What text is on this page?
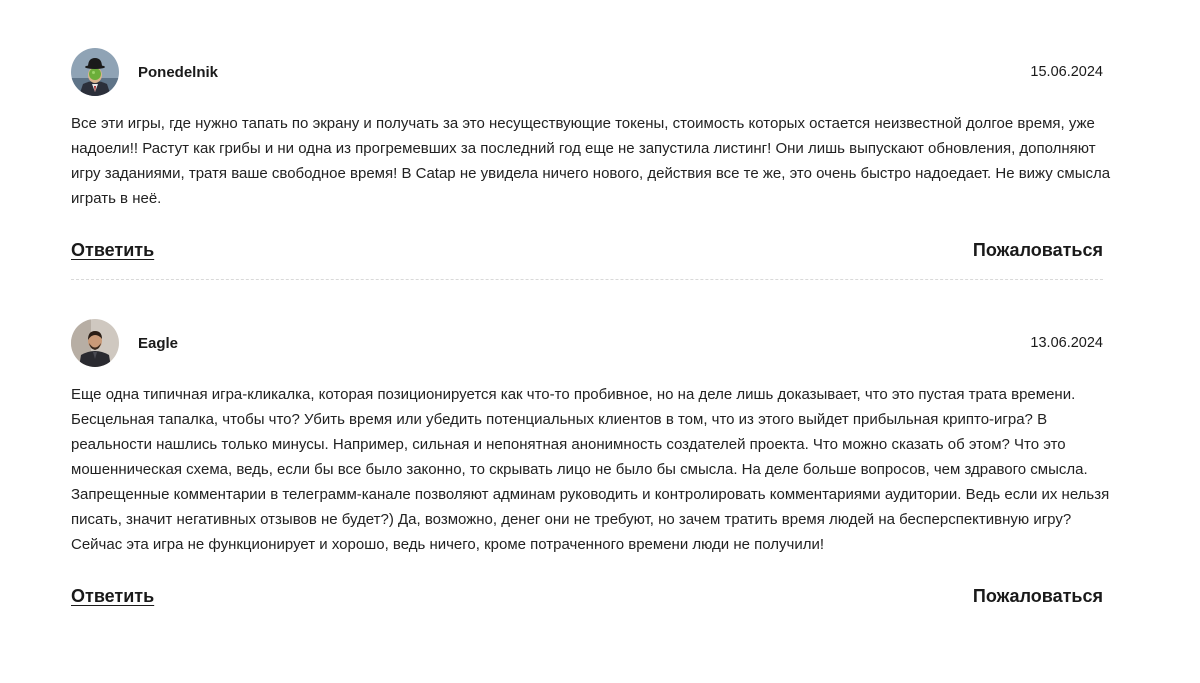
Ponedelnik	15.06.2024

Все эти игры, где нужно тапать по экрану и получать за это несуществующие токены, стоимость которых остается неизвестной долгое время, уже надоели!! Растут как грибы и ни одна из прогремевших за последний год еще не запустила листинг! Они лишь выпускают обновления, дополняют игру заданиями, тратя ваше свободное время! В Catap не увидела ничего нового, действия все те же, это очень быстро надоедает. Не вижу смысла играть в неё.

Ответить	Пожаловаться
Eagle	13.06.2024

Еще одна типичная игра-кликалка, которая позиционируется как что-то пробивное, но на деле лишь доказывает, что это пустая трата времени. Бесцельная тапалка, чтобы что? Убить время или убедить потенциальных клиентов в том, что из этого выйдет прибыльная крипто-игра? В реальности нашлись только минусы. Например, сильная и непонятная анонимность создателей проекта. Что можно сказать об этом? Что это мошенническая схема, ведь, если бы все было законно, то скрывать лицо не было бы смысла. На деле больше вопросов, чем здравого смысла. Запрещенные комментарии в телеграмм-канале позволяют админам руководить и контролировать комментариями аудитории. Ведь если их нельзя писать, значит негативных отзывов не будет?) Да, возможно, денег они не требуют, но зачем тратить время людей на бесперспективную игру? Сейчас эта игра не функционирует и хорошо, ведь ничего, кроме потраченного времени люди не получили!

Ответить	Пожаловаться
